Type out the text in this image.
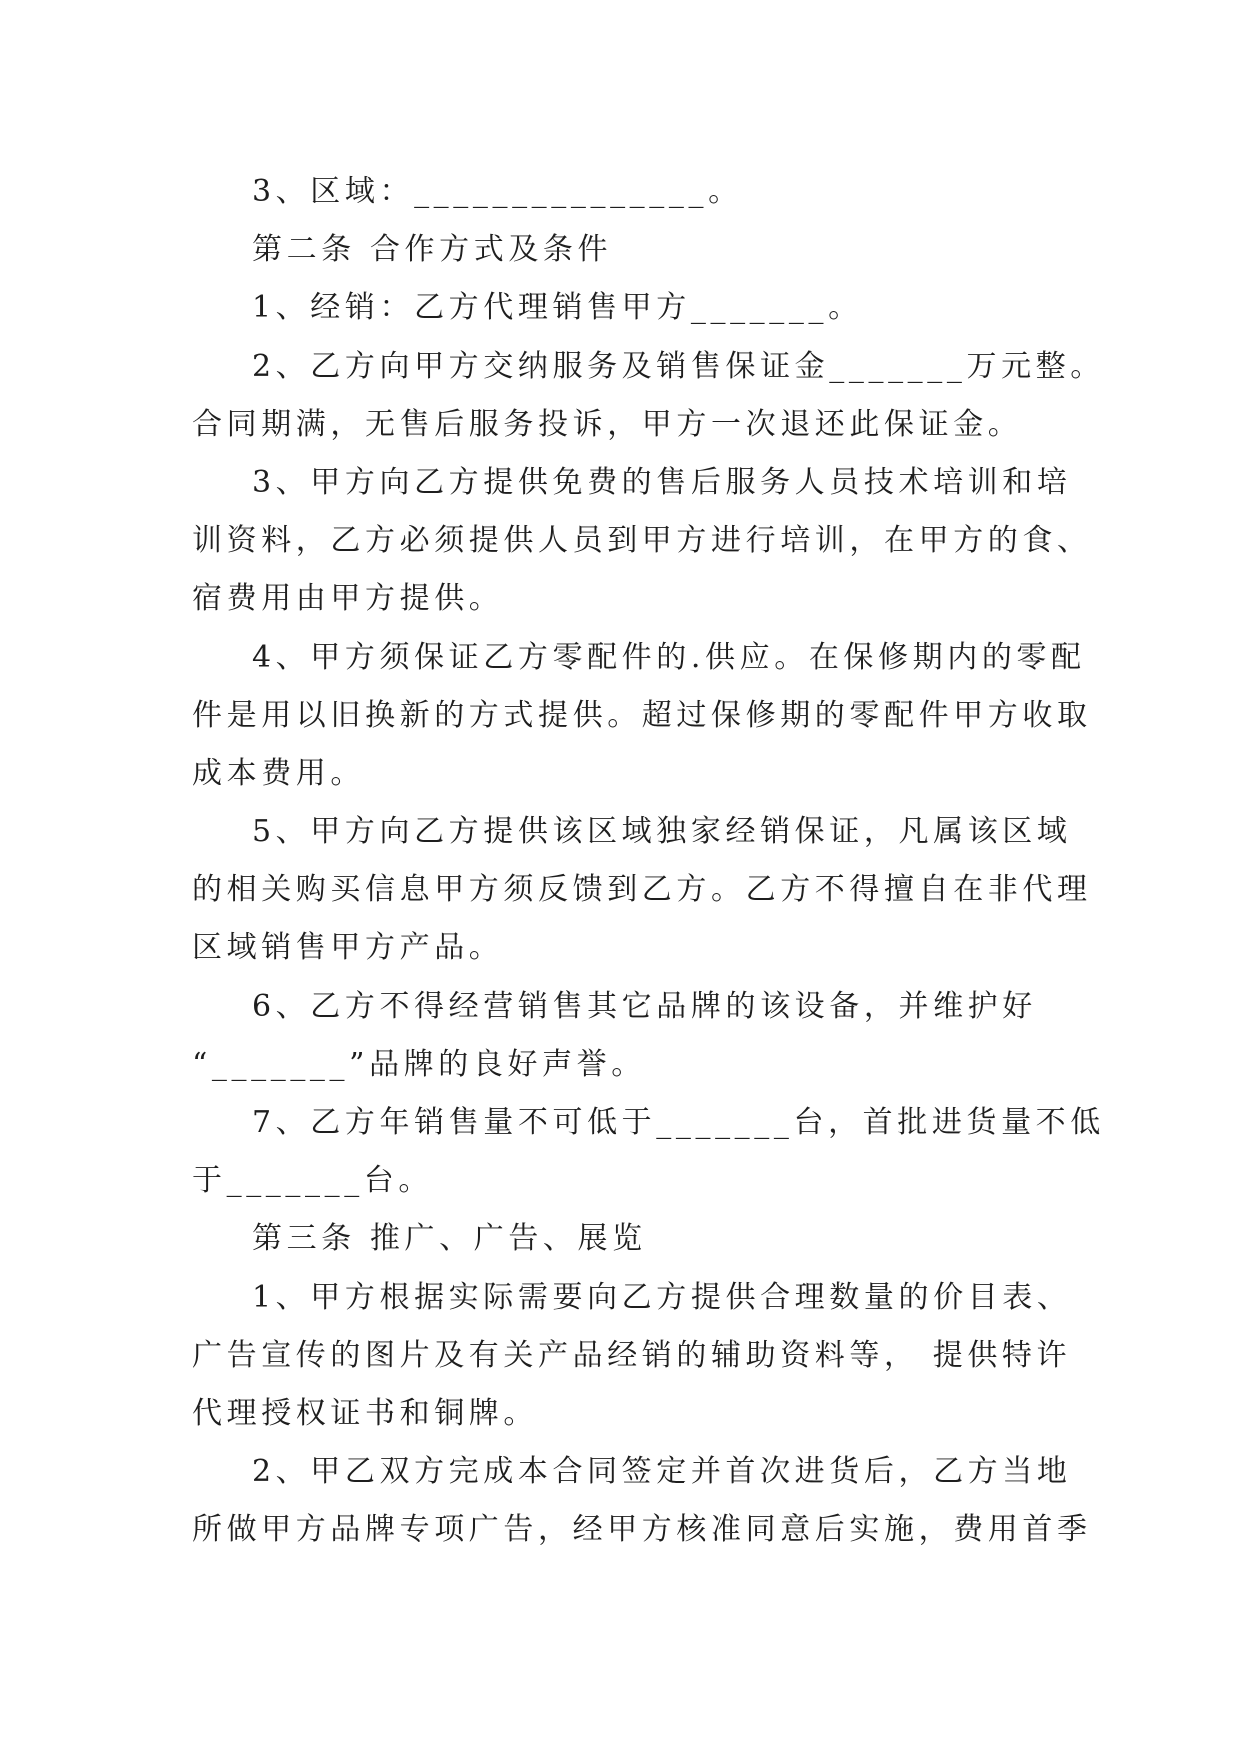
3、区域：_______________。
第二条 合作方式及条件
1、经销：乙方代理销售甲方_______。
2、乙方向甲方交纳服务及销售保证金_______万元整。
合同期满，无售后服务投诉，甲方一次退还此保证金。
3、甲方向乙方提供免费的售后服务人员技术培训和培
训资料，乙方必须提供人员到甲方进行培训，在甲方的食、
宿费用由甲方提供。
4、甲方须保证乙方零配件的.供应。在保修期内的零配
件是用以旧换新的方式提供。超过保修期的零配件甲方收取
成本费用。
5、甲方向乙方提供该区域独家经销保证，凡属该区域
的相关购买信息甲方须反馈到乙方。乙方不得擅自在非代理
区域销售甲方产品。
6、乙方不得经营销售其它品牌的该设备，并维护好
“_______”品牌的良好声誉。
7、乙方年销售量不可低于_______台，首批进货量不低
于_______台。
第三条 推广、广告、展览
1、甲方根据实际需要向乙方提供合理数量的价目表、
广告宣传的图片及有关产品经销的辅助资料等， 提供特许
代理授权证书和铜牌。
2、甲乙双方完成本合同签定并首次进货后，乙方当地
所做甲方品牌专项广告，经甲方核准同意后实施，费用首季
